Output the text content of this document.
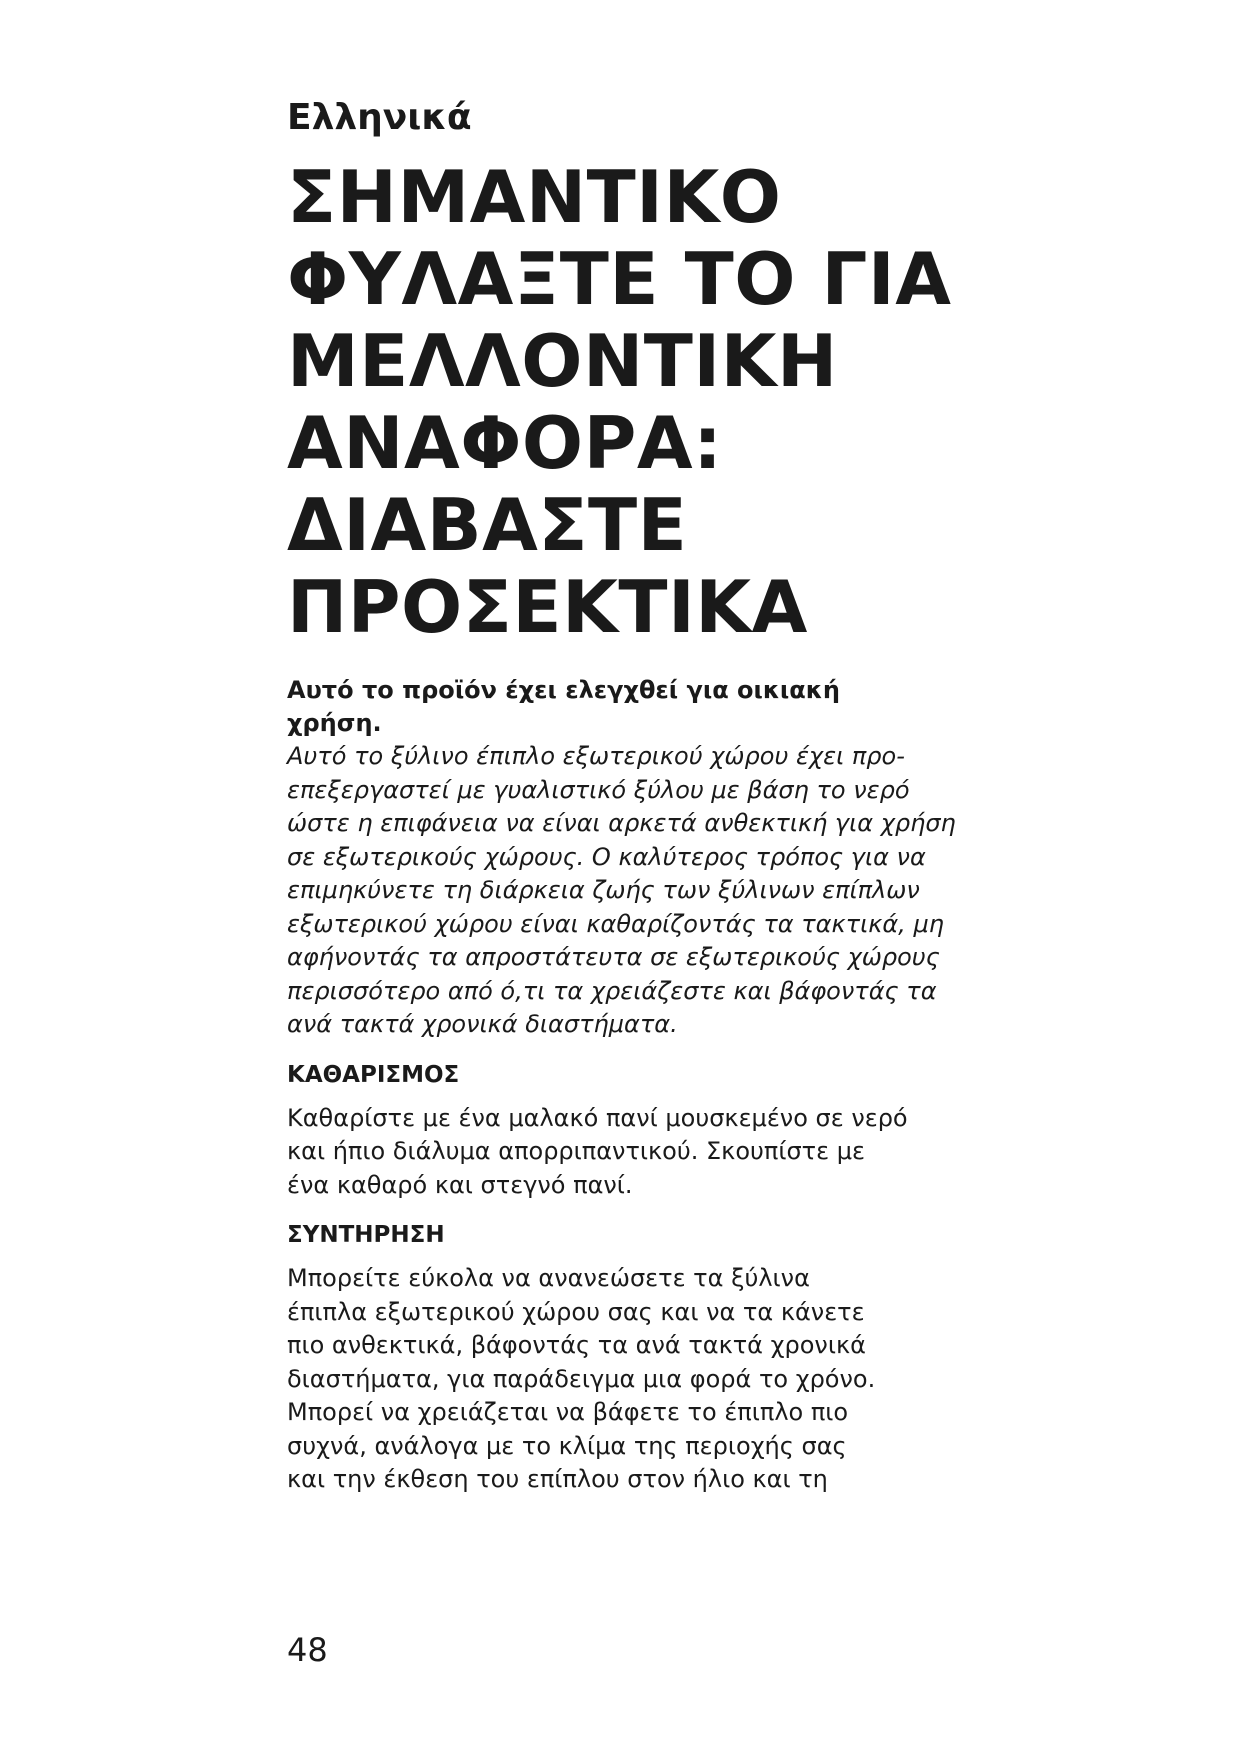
Ελληνικά
ΣΗΜΑΝΤΙΚΟ
ΦΥΛΑΞΤΕ ΤΟ ΓΙΑ
ΜΕΛΛΟΝΤΙΚΗ
ΑΝΑΦΟΡΑ:
ΔΙΑΒΑΣΤΕ
ΠΡΟΣΕΚΤΙΚΑ

Αυτό το προϊόν έχει ελεγχθεί για οικιακή χρήση.

Αυτό το ξύλινο έπιπλο εξωτερικού χώρου έχει προ-
επεξεργαστεί με γυαλιστικό ξύλου με βάση το νερό
ώστε η επιφάνεια να είναι αρκετά ανθεκτική για χρήση
σε εξωτερικούς χώρους. Ο καλύτερος τρόπος για να
επιμηκύνετε τη διάρκεια ζωής των ξύλινων επίπλων
εξωτερικού χώρου είναι καθαρίζοντάς τα τακτικά, μη
αφήνοντάς τα απροστάτευτα σε εξωτερικούς χώρους
περισσότερο από ό,τι τα χρειάζεστε και βάφοντάς τα
ανά τακτά χρονικά διαστήματα.

ΚΑΘΑΡΙΣΜΟΣ

Καθαρίστε με ένα μαλακό πανί μουσκεμένο σε νερό
και ήπιο διάλυμα απορριπαντικού. Σκουπίστε με
ένα καθαρό και στεγνό πανί.

ΣΥΝΤΗΡΗΣΗ

Μπορείτε εύκολα να ανανεώσετε τα ξύλινα
έπιπλα εξωτερικού χώρου σας και να τα κάνετε
πιο ανθεκτικά, βάφοντάς τα ανά τακτά χρονικά
διαστήματα, για παράδειγμα μια φορά το χρόνο.
Μπορεί να χρειάζεται να βάφετε το έπιπλο πιο
συχνά, ανάλογα με το κλίμα της περιοχής σας
και την έκθεση του επίπλου στον ήλιο και τη

48
